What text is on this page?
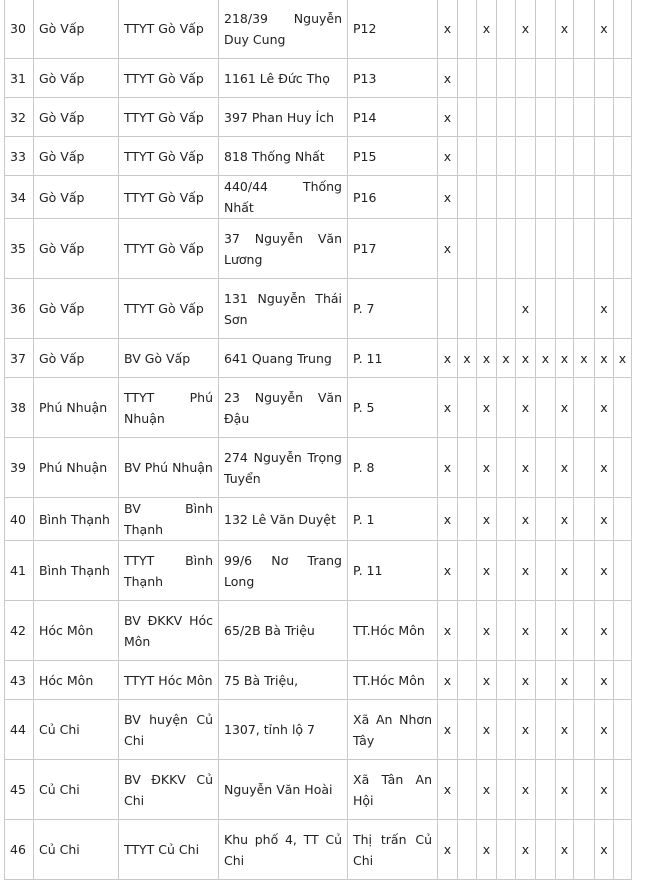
30	Gò Vấp	TTYT Gò Vấp	218/39 Nguyễn Duy Cung	P12	x		x		x		x		x	
31	Gò Vấp	TTYT Gò Vấp	1161 Lê Đức Thọ	P13	x									
32	Gò Vấp	TTYT Gò Vấp	397 Phan Huy Ích	P14	x									
33	Gò Vấp	TTYT Gò Vấp	818 Thống Nhất	P15	x									
34	Gò Vấp	TTYT Gò Vấp	440/44 Thống Nhất	P16	x									
35	Gò Vấp	TTYT Gò Vấp	37 Nguyễn Văn Lương	P17	x									
36	Gò Vấp	TTYT Gò Vấp	131 Nguyễn Thái Sơn	P. 7					x				x	
37	Gò Vấp	BV Gò Vấp	641 Quang Trung	P. 11	x	x	x	x	x	x	x	x	x	x
38	Phú Nhuận	TTYT Phú Nhuận	23 Nguyễn Văn Đậu	P. 5	x		x		x		x		x	
39	Phú Nhuận	BV Phú Nhuận	274 Nguyễn Trọng Tuyển	P. 8	x		x		x		x		x	
40	Bình Thạnh	BV Bình Thạnh	132 Lê Văn Duyệt	P. 1	x		x		x		x		x	
41	Bình Thạnh	TTYT Bình Thạnh	99/6 Nơ Trang Long	P. 11	x		x		x		x		x	
42	Hóc Môn	BV ĐKKV Hóc Môn	65/2B Bà Triệu	TT.Hóc Môn	x		x		x		x		x	
43	Hóc Môn	TTYT Hóc Môn	75 Bà Triệu,	TT.Hóc Môn	x		x		x		x		x	
44	Củ Chi	BV huyện Củ Chi	1307, tỉnh lộ 7	Xã An Nhơn Tây	x		x		x		x		x	
45	Củ Chi	BV ĐKKV Củ Chi	Nguyễn Văn Hoài	Xã Tân An Hội	x		x		x		x		x	
46	Củ Chi	TTYT Củ Chi	Khu phố 4, TT Củ Chi	Thị trấn Củ Chi	x		x		x		x		x	
